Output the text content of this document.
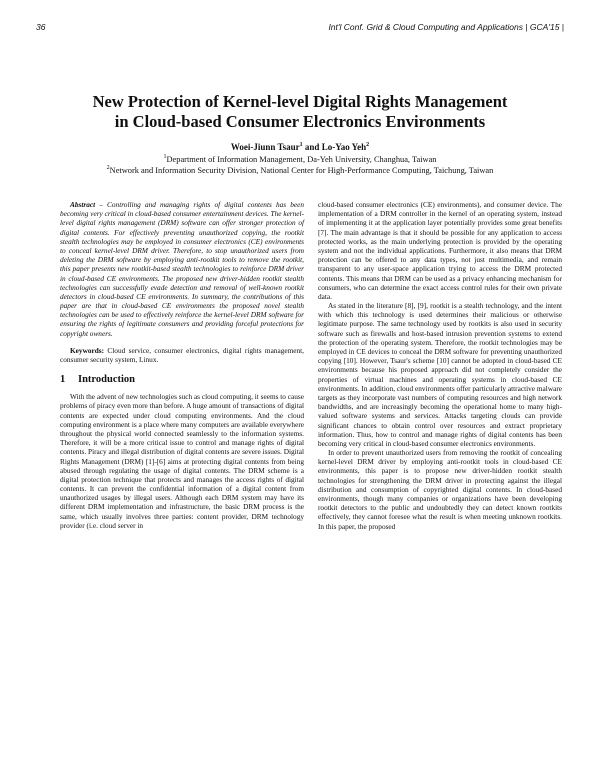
36	Int'l Conf. Grid & Cloud Computing and Applications | GCA'15 |
New Protection of Kernel-level Digital Rights Management
in Cloud-based Consumer Electronics Environments
Woei-Jiunn Tsaur$^1$ and Lo-Yao Yeh$^2$
$^1$Department of Information Management, Da-Yeh University, Changhua, Taiwan
$^2$Network and Information Security Division, National Center for High-Performance Computing, Taichung, Taiwan

Abstract – Controlling and managing rights of digital contents has been becoming very critical in cloud-based consumer entertainment devices. The kernel-level digital rights management (DRM) software can offer stronger protection of digital contents. For effectively preventing unauthorized copying, the rootkit stealth technologies may be employed in consumer electronics (CE) environments to conceal kernel-level DRM driver. Therefore, to stop unauthorized users from deleting the DRM software by employing anti-rootkit tools to remove the rootkit, this paper presents new rootkit-based stealth technologies to reinforce DRM driver in cloud-based CE environments. The proposed new driver-hidden rootkit stealth technologies can successfully evade detection and removal of well-known rootkit detectors in cloud-based CE environments. In summary, the contributions of this paper are that in cloud-based CE environments the proposed novel stealth technologies can be used to effectively reinforce the kernel-level DRM software for ensuring the rights of legitimate consumers and providing forceful protections for copyright owners.

Keywords: Cloud service, consumer electronics, digital rights management, consumer security system, Linux.

1 Introduction

With the advent of new technologies such as cloud computing, it seems to cause problems of piracy even more than before. A huge amount of transactions of digital contents are expected under cloud computing environments. And the cloud computing environment is a place where many computers are available everywhere throughout the physical world connected seamlessly to the information systems. Therefore, it will be a more critical issue to control and manage rights of digital contents. Piracy and illegal distribution of digital contents are severe issues. Digital Rights Management (DRM) [1]-[6] aims at protecting digital contents from being abused through regulating the usage of digital contents. The DRM scheme is a digital protection technique that protects and manages the access rights of digital contents. It can prevent the confidential information of a digital content from unauthorized usages by illegal users. Although each DRM system may have its different DRM implementation and infrastructure, the basic DRM process is the same, which usually involves three parties: content provider, DRM technology provider (i.e. cloud server in

cloud-based consumer electronics (CE) environments), and consumer device. The implementation of a DRM controller in the kernel of an operating system, instead of implementing it at the application layer potentially provides some great benefits [7]. The main advantage is that it should be possible for any application to access protected works, as the main underlying protection is provided by the operating system and not the individual applications. Furthermore, it also means that DRM protection can be offered to any data types, not just multimedia, and remain transparent to any user-space application trying to access the DRM protected contents. This means that DRM can be used as a privacy enhancing mechanism for consumers, who can determine the exact access control rules for their own private data.

As stated in the literature [8], [9], rootkit is a stealth technology, and the intent with which this technology is used determines their malicious or otherwise legitimate purpose. The same technology used by rootkits is also used in security software such as firewalls and host-based intrusion prevention systems to extend the protection of the operating system. Therefore, the rootkit technologies may be employed in CE devices to conceal the DRM software for preventing unauthorized copying [10]. However, Tsaur's scheme [10] cannot be adopted in cloud-based CE environments because his proposed approach did not completely consider the properties of virtual machines and operating systems in cloud-based CE environments. In addition, cloud environments offer particularly attractive malware targets as they incorporate vast numbers of computing resources and high network bandwidths, and are increasingly becoming the operational home to many high-valued software systems and services. Attacks targeting clouds can provide significant chances to obtain control over resources and extract proprietary information. Thus, how to control and manage rights of digital contents has been becoming very critical in cloud-based consumer electronics environments.

In order to prevent unauthorized users from removing the rootkit of concealing kernel-level DRM driver by employing anti-rootkit tools in cloud-based CE environments, this paper is to propose new driver-hidden rootkit stealth technologies for strengthening the DRM driver in protecting against the illegal distribution and consumption of copyrighted digital contents. In cloud-based environments, though many companies or organizations have been developing rootkit detectors to the public and undoubtedly they can detect known rootkits effectively, they cannot foresee what the result is when meeting unknown rootkits. In this paper, the proposed
